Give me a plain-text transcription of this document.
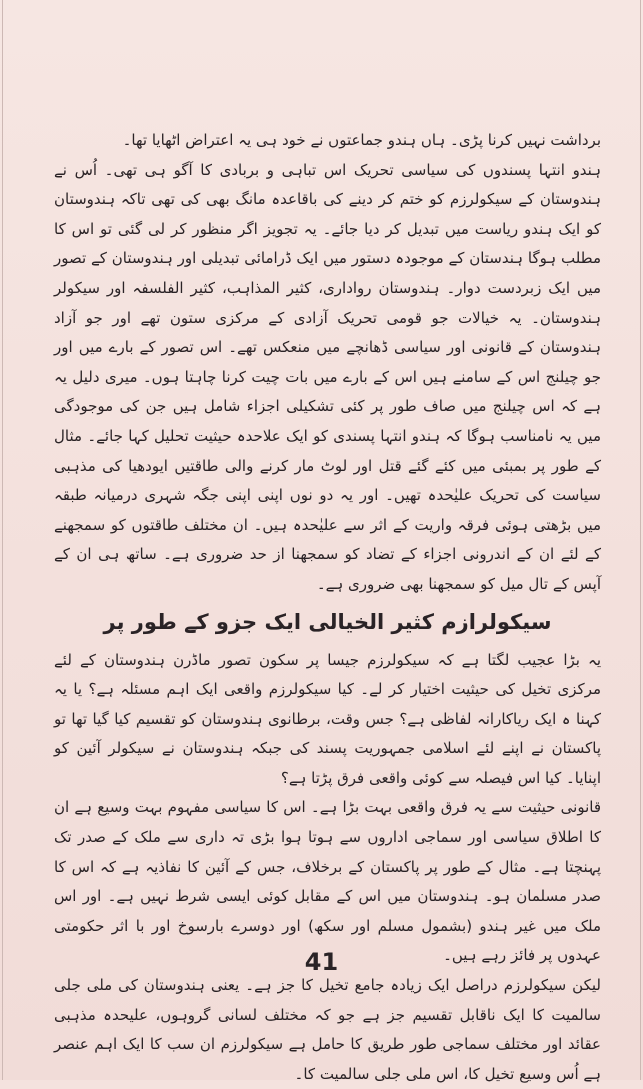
برداشت نہیں کرنا پڑی۔ ہاں ہندو جماعتوں نے خود ہی یہ اعتراض اٹھایا تھا۔

ہندو انتہا پسندوں کی سیاسی تحریک اس تباہی و بربادی کا آگو ہی تھی۔ اُس نے ہندوستان کے سیکولرزم کو ختم کر دینے کی باقاعدہ مانگ بھی کی تھی تاکہ ہندوستان کو ایک ہندو ریاست میں تبدیل کر دیا جائے۔ یہ تجویز اگر منظور کر لی گئی تو اس کا مطلب ہوگا ہندستان کے موجودہ دستور میں ایک ڈرامائی تبدیلی اور ہندوستان کے تصور میں ایک زبردست دوار۔ ہندوستان رواداری، کثیر المذاہب، کثیر الفلسفہ اور سیکولر ہندوستان۔ یہ خیالات جو قومی تحریک آزادی کے مرکزی ستون تھے اور جو آزاد ہندوستان کے قانونی اور سیاسی ڈھانچے میں منعکس تھے۔ اس تصور کے بارے میں اور جو چیلنج اس کے سامنے ہیں اس کے بارے میں بات چیت کرنا چاہتا ہوں۔ میری دلیل یہ ہے کہ اس چیلنج میں صاف طور پر کئی تشکیلی اجزاء شامل ہیں جن کی موجودگی میں یہ نامناسب ہوگا کہ ہندو انتہا پسندی کو ایک علاحدہ حیثیت تحلیل کہا جائے۔ مثال کے طور پر بمبئی میں کئے گئے قتل اور لوٹ مار کرنے والی طاقتیں ایودھیا کی مذہبی سیاست کی تحریک علیٰحدہ تھیں۔ اور یہ دو نوں اپنی اپنی جگہ شہری درمیانہ طبقہ میں بڑھتی ہوئی فرقہ واریت کے اثر سے علیٰحدہ ہیں۔ ان مختلف طاقتوں کو سمجھنے کے لئے ان کے اندرونی اجزاء کے تضاد کو سمجھنا از حد ضروری ہے۔ ساتھ ہی ان کے آپس کے تال میل کو سمجھنا بھی ضروری ہے۔

سیکولرازم کثیر الخیالی ایک جزو کے طور پر

یہ بڑا عجیب لگتا ہے کہ سیکولرزم جیسا پر سکون تصور ماڈرن ہندوستان کے لئے مرکزی تخیل کی حیثیت اختیار کر لے۔ کیا سیکولرزم واقعی ایک اہم مسئلہ ہے؟ یا یہ کہنا ہ ایک ریاکارانہ لفاظی ہے؟ جس وقت، برطانوی ہندوستان کو تقسیم کیا گیا تھا تو پاکستان نے اپنے لئے اسلامی جمہوریت پسند کی جبکہ ہندوستان نے سیکولر آئین کو اپنایا۔ کیا اس فیصلہ سے کوئی واقعی فرق پڑتا ہے؟

قانونی حیثیت سے یہ فرق واقعی بہت بڑا ہے۔ اس کا سیاسی مفہوم بہت وسیع ہے ان کا اطلاق سیاسی اور سماجی اداروں سے ہوتا ہوا بڑی تہ داری سے ملک کے صدر تک پہنچتا ہے۔ مثال کے طور پر پاکستان کے برخلاف، جس کے آئین کا نفاذیہ ہے کہ اس کا صدر مسلمان ہو۔ ہندوستان میں اس کے مقابل کوئی ایسی شرط نہیں ہے۔ اور اس ملک میں غیر ہندو (بشمول مسلم اور سکھ) اور دوسرے بارسوخ اور با اثر حکومتی عہدوں پر فائز رہے ہیں۔

لیکن سیکولرزم دراصل ایک زیادہ جامع تخیل کا جز ہے۔ یعنی ہندوستان کی ملی جلی سالمیت کا ایک ناقابل تقسیم جز ہے جو کہ مختلف لسانی گروہوں، علیحدہ مذہبی عقائد اور مختلف سماجی طور طریق کا حامل ہے سیکولرزم ان سب کا ایک اہم عنصر ہے اُس وسیع تخیل کا، اس ملی جلی سالمیت کا۔

41
